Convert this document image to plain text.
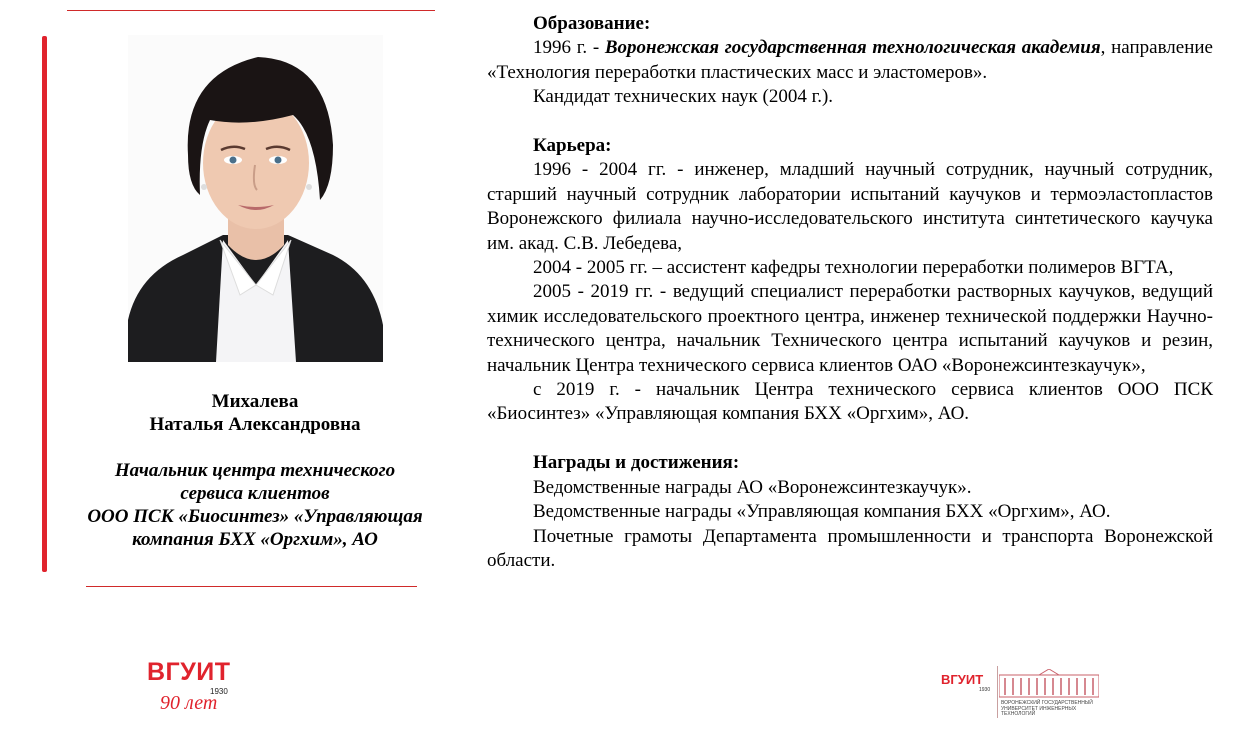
Михалева
Наталья Александровна
Начальник центра технического
сервиса клиентов
ООО ПСК «Биосинтез» «Управляющая
компания БХХ «Оргхим», АО

Образование:

1996 г. - Воронежская государственная технологическая академия, направление «Технология переработки пластических масс и эластомеров».

Кандидат технических наук (2004 г.).

Карьера:

1996 - 2004 гг. - инженер, младший научный сотрудник, научный сотрудник, старший научный сотрудник лаборатории испытаний каучуков и термоэластопластов Воронежского филиала научно-исследовательского института синтетического каучука им. акад. С.В. Лебедева,

2004 - 2005 гг. – ассистент кафедры технологии переработки полимеров ВГТА,

2005 - 2019 гг. - ведущий специалист переработки растворных каучуков, ведущий химик исследовательского проектного центра, инженер технической поддержки Научно-технического центра, начальник Технического центра испытаний каучуков и резин, начальник Центра технического сервиса клиентов ОАО «Воронежсинтезкаучук»,

с 2019 г. - начальник Центра технического сервиса клиентов ООО ПСК «Биосинтез» «Управляющая компания БХХ «Оргхим», АО.

Награды и достижения:

Ведомственные награды АО «Воронежсинтезкаучук».

Ведомственные награды «Управляющая компания БХХ «Оргхим», АО.

Почетные грамоты Департамента промышленности и транспорта Воронежской области.

ВГУИТ
1930
90 лет
ВГУИТ
1930
ВОРОНЕЖСКИЙ ГОСУДАРСТВЕННЫЙ УНИВЕРСИТЕТ ИНЖЕНЕРНЫХ ТЕХНОЛОГИЙ
